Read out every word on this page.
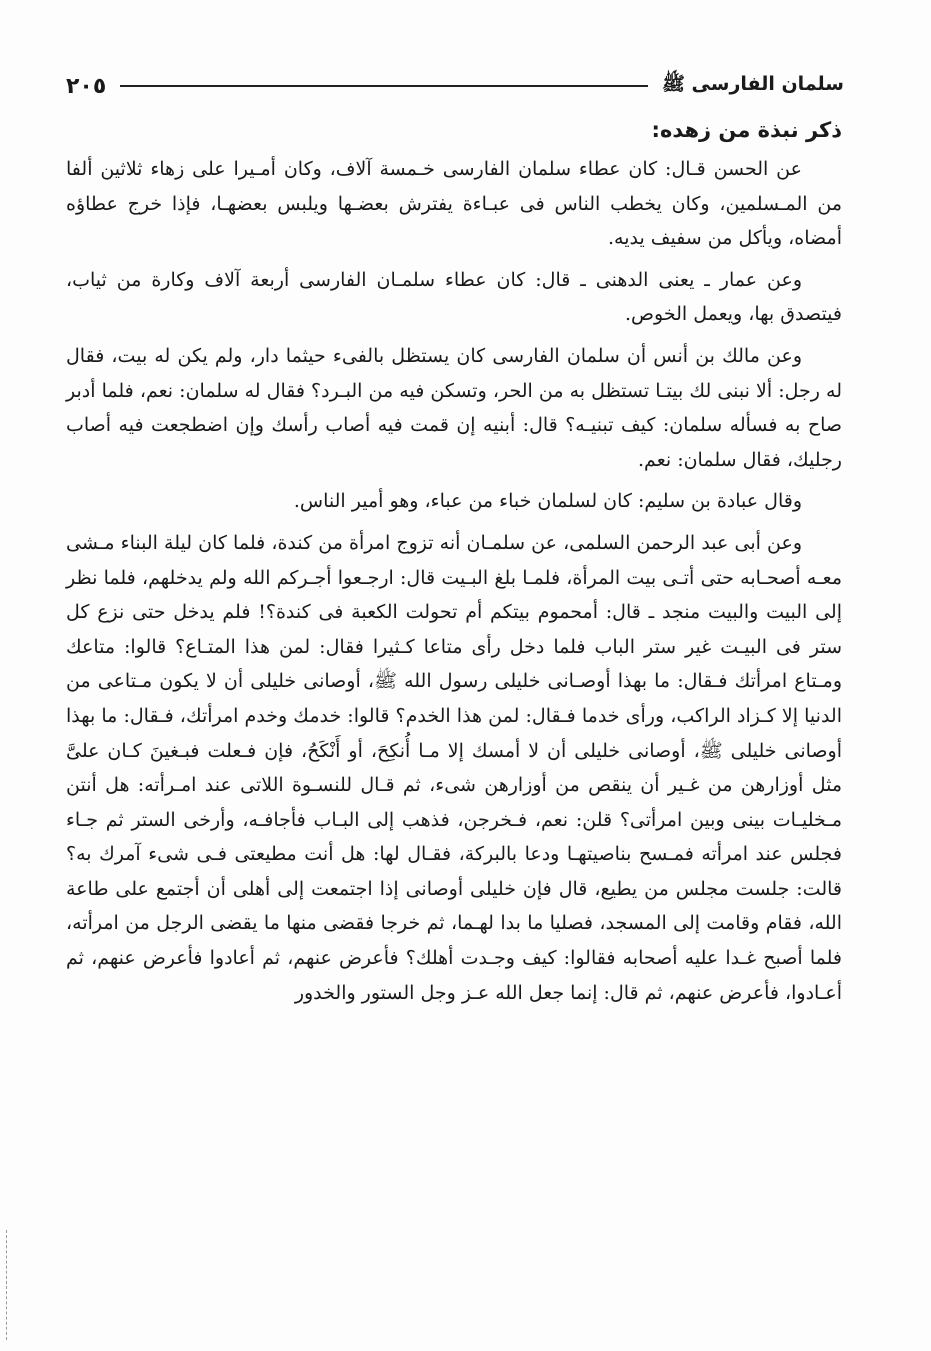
سلمان الفارسى ﷺ
٢٠٥
ذكر نبذة من زهده:

عن الحسن قـال: كان عطاء سلمان الفارسى خـمسة آلاف، وكان أمـيرا على زهاء ثلاثين ألفا من المـسلمين، وكان يخطب الناس فى عبـاءة يفترش بعضـها ويلبس بعضهـا، فإذا خرج عطاؤه أمضاه، ويأكل من سفيف يديه.

وعن عمار ـ يعنى الدهنى ـ قال: كان عطاء سلمـان الفارسى أربعة آلاف وكارة من ثياب، فيتصدق بها، ويعمل الخوص.

وعن مالك بن أنس أن سلمان الفارسى كان يستظل بالفىء حيثما دار، ولم يكن له بيت، فقال له رجل: ألا نبنى لك بيتـا تستظل به من الحر، وتسكن فيه من البـرد؟ فقال له سلمان: نعم، فلما أدبر صاح به فسأله سلمان: كيف تبنيـه؟ قال: أبنيه إن قمت فيه أصاب رأسك وإن اضطجعت فيه أصاب رجليك، فقال سلمان: نعم.

وقال عبادة بن سليم: كان لسلمان خباء من عباء، وهو أمير الناس.

وعن أبى عبد الرحمن السلمى، عن سلمـان أنه تزوج امرأة من كندة، فلما كان ليلة البناء مـشى معـه أصحـابه حتى أتـى بيت المرأة، فلمـا بلغ البـيت قال: ارجـعوا أجـركم الله ولم يدخلهم، فلما نظر إلى البيت والبيت منجد ـ قال: أمحموم بيتكم أم تحولت الكعبة فى كندة؟! فلم يدخل حتى نزع كل ستر فى البيـت غير ستر الباب فلما دخل رأى متاعا كـثيرا فقال: لمن هذا المتـاع؟ قالوا: متاعك ومـتاع امرأتك فـقال: ما بهذا أوصـانى خليلى رسول الله ﷺ، أوصانى خليلى أن لا يكون مـتاعى من الدنيا إلا كـزاد الراكب، ورأى خدما فـقال: لمن هذا الخدم؟ قالوا: خدمك وخدم امرأتك، فـقال: ما بهذا أوصانى خليلى ﷺ، أوصانى خليلى أن لا أمسك إلا مـا أُنكِحَ، أو أَنْكَحُ، فإن فـعلت فبـغينَ كـان علىَّ مثل أوزارهن من غـير أن ينقص من أوزارهن شىء، ثم قـال للنسـوة اللاتى عند امـرأته: هل أنتن مـخليـات بينى وبين امرأتى؟ قلن: نعم، فـخرجن، فذهب إلى البـاب فأجافـه، وأرخى الستر ثم جـاء فجلس عند امرأته فمـسح بناصيتهـا ودعا بالبركة، فقـال لها: هل أنت مطيعتى فـى شىء آمرك به؟ قالت: جلست مجلس من يطيع، قال فإن خليلى أوصانى إذا اجتمعت إلى أهلى أن أجتمع على طاعة الله، فقام وقامت إلى المسجد، فصليا ما بدا لهـما، ثم خرجا فقضى منها ما يقضى الرجل من امرأته، فلما أصبح غـدا عليه أصحابه فقالوا: كيف وجـدت أهلك؟ فأعرض عنهم، ثم أعادوا فأعرض عنهم، ثم أعـادوا، فأعرض عنهم، ثم قال: إنما جعل الله عـز وجل الستور والخدور
